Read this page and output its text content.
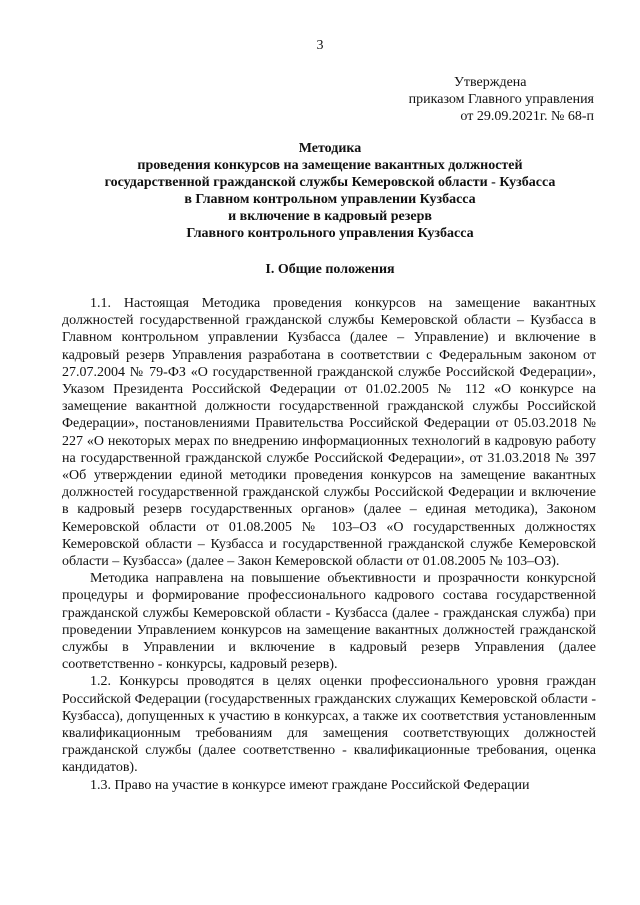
3
Утверждена
приказом Главного управления
от 29.09.2021г. № 68-п
Методика
проведения конкурсов на замещение вакантных должностей
государственной гражданской службы Кемеровской области - Кузбасса
в Главном контрольном управлении Кузбасса
и включение в кадровый резерв
Главного контрольного управления Кузбасса
I. Общие положения

1.1. Настоящая Методика проведения конкурсов на замещение вакантных должностей государственной гражданской службы Кемеровской области – Кузбасса в Главном контрольном управлении Кузбасса (далее – Управление) и включение в кадровый резерв Управления разработана в соответствии с Федеральным законом от 27.07.2004 № 79-ФЗ «О государственной гражданской службе Российской Федерации», Указом Президента Российской Федерации от 01.02.2005 № 112 «О конкурсе на замещение вакантной должности государственной гражданской службы Российской Федерации», постановлениями Правительства Российской Федерации от 05.03.2018 № 227 «О некоторых мерах по внедрению информационных технологий в кадровую работу на государственной гражданской службе Российской Федерации», от 31.03.2018 № 397 «Об утверждении единой методики проведения конкурсов на замещение вакантных должностей государственной гражданской службы Российской Федерации и включение в кадровый резерв государственных органов» (далее – единая методика), Законом Кемеровской области от 01.08.2005 № 103–ОЗ «О государственных должностях Кемеровской области – Кузбасса и государственной гражданской службе Кемеровской области – Кузбасса» (далее – Закон Кемеровской области от 01.08.2005 № 103–ОЗ).

Методика направлена на повышение объективности и прозрачности конкурсной процедуры и формирование профессионального кадрового состава государственной гражданской службы Кемеровской области - Кузбасса (далее - гражданская служба) при проведении Управлением конкурсов на замещение вакантных должностей гражданской службы в Управлении и включение в кадровый резерв Управления (далее соответственно - конкурсы, кадровый резерв).

1.2. Конкурсы проводятся в целях оценки профессионального уровня граждан Российской Федерации (государственных гражданских служащих Кемеровской области - Кузбасса), допущенных к участию в конкурсах, а также их соответствия установленным квалификационным требованиям для замещения соответствующих должностей гражданской службы (далее соответственно - квалификационные требования, оценка кандидатов).

1.3. Право на участие в конкурсе имеют граждане Российской Федерации
